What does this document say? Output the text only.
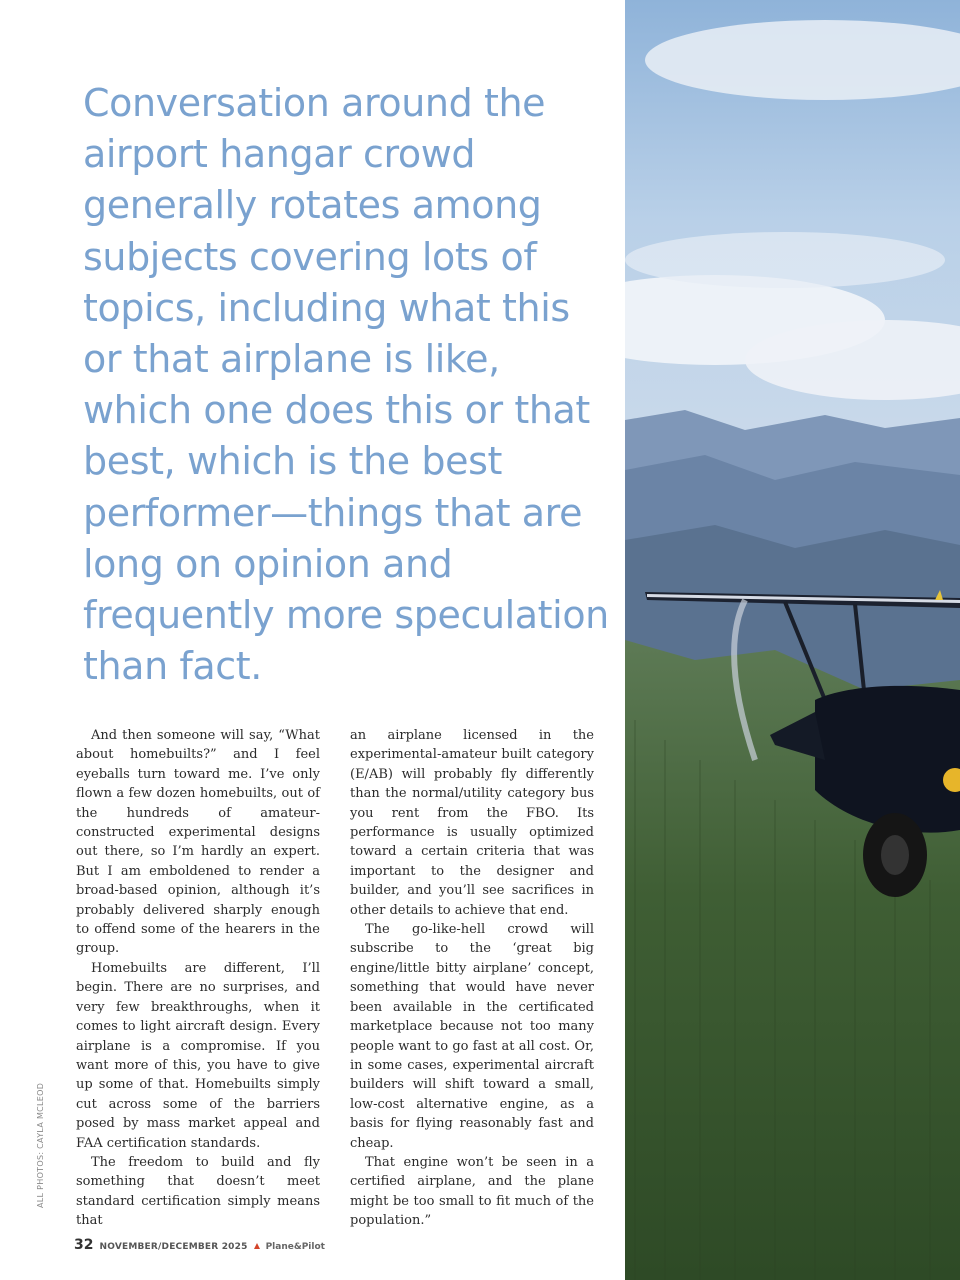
Conversation around the airport hangar crowd generally rotates among subjects covering lots of topics, including what this or that airplane is like, which one does this or that best, which is the best performer—things that are long on opinion and frequently more speculation than fact.

And then someone will say, “What about homebuilts?” and I feel eyeballs turn toward me. I’ve only flown a few dozen homebuilts, out of the hundreds of amateur-constructed experimental designs out there, so I’m hardly an expert. But I am emboldened to render a broad-based opinion, although it’s probably delivered sharply enough to offend some of the hearers in the group.

Homebuilts are different, I’ll begin. There are no surprises, and very few breakthroughs, when it comes to light aircraft design. Every airplane is a compromise. If you want more of this, you have to give up some of that. Homebuilts simply cut across some of the barriers posed by mass market appeal and FAA certification standards.

The freedom to build and fly something that doesn’t meet standard certification simply means that

an airplane licensed in the experimental-amateur built category (E/AB) will probably fly differently than the normal/utility category bus you rent from the FBO. Its performance is usually optimized toward a certain criteria that was important to the designer and builder, and you’ll see sacrifices in other details to achieve that end.

The go-like-hell crowd will subscribe to the ‘great big engine/little bitty airplane’ concept, something that would have never been available in the certificated marketplace because not too many people want to go fast at all cost. Or, in some cases, experimental aircraft builders will shift toward a small, low-cost alternative engine, as a basis for flying reasonably fast and cheap.

That engine won’t be seen in a certified airplane, and the plane might be too small to fit much of the population.”

ALL PHOTOS: CAYLA MCLEOD
32 NOVEMBER/DECEMBER 2025 Plane&Pilot
